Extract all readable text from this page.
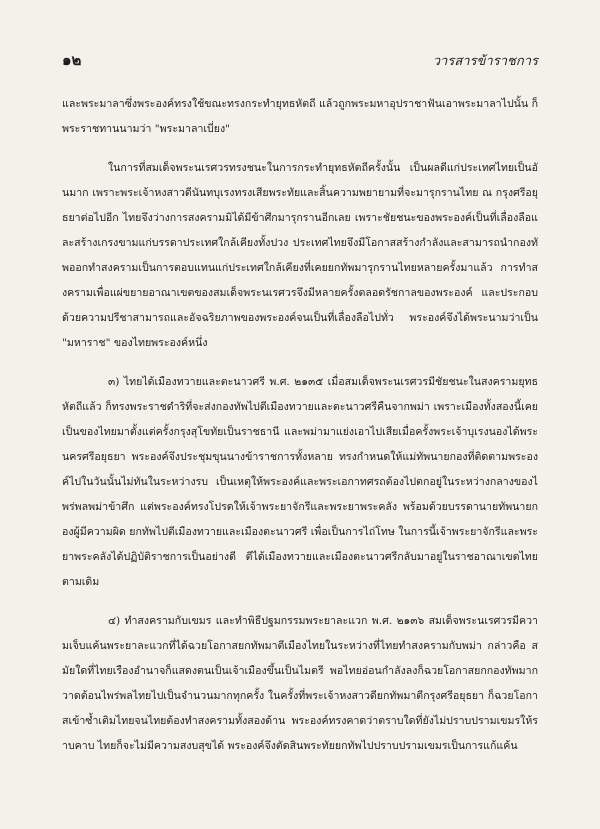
๑๒	วารสารข้าราชการ

และพระมาลาซึ่งพระองค์ทรงใช้ขณะทรงกระทำยุทธหัตถี แล้วถูกพระมหาอุปราชาฟันเอาพระมาลาไปนั้น ก็พระราชทานนามว่า "พระมาลาเบี่ยง"

ในการที่สมเด็จพระนเรศวรทรงชนะในการกระทำยุทธหัตถีครั้งนั้น เป็นผลดีแก่ประเทศไทยเป็นอันมาก เพราะพระเจ้าหงสาวดีนันทบุเรงทรงเสียพระทัยและสิ้นความพยายามที่จะมารุกรานไทย ณ กรุงศรีอยุธยาต่อไปอีก ไทยจึงว่างการสงครามมิได้มีข้าศึกมารุกรานอีกเลย เพราะชัยชนะของพระองค์เป็นที่เลื่องลือและสร้างเกรงขามแก่บรรดาประเทศใกล้เคียงทั้งปวง ประเทศไทยจึงมีโอกาสสร้างกำลังและสามารถนำกองทัพออกทำสงครามเป็นการตอบแทนแก่ประเทศใกล้เคียงที่เคยยกทัพมารุกรานไทยหลายครั้งมาแล้ว การทำสงครามเพื่อแผ่ขยายอาณาเขตของสมเด็จพระนเรศวรจึงมีหลายครั้งตลอดรัชกาลของพระองค์ และประกอบด้วยความปรีชาสามารถและอัจฉริยภาพของพระองค์จนเป็นที่เลื่องลือไปทั่ว พระองค์จึงได้พระนามว่าเป็น "มหาราช" ของไทยพระองค์หนึ่ง

๓) ไทยได้เมืองทวายและตะนาวศรี พ.ศ. ๒๑๓๕ เมื่อสมเด็จพระนเรศวรมีชัยชนะในสงครามยุทธหัตถีแล้ว ก็ทรงพระราชดำริที่จะส่งกองทัพไปตีเมืองทวายและตะนาวศรีคืนจากพม่า เพราะเมืองทั้งสองนี้เคยเป็นของไทยมาตั้งแต่ครั้งกรุงสุโขทัยเป็นราชธานี และพม่ามาแย่งเอาไปเสียเมื่อครั้งพระเจ้าบุเรงนองได้พระนครศรีอยุธยา พระองค์จึงประชุมขุนนางข้าราชการทั้งหลาย ทรงกำหนดให้แม่ทัพนายกองที่ติดตามพระองค์ไปในวันนั้นไม่ทันในระหว่างรบ เป็นเหตุให้พระองค์และพระเอกาทศรถต้องไปตกอยู่ในระหว่างกลางของไพร่พลพม่าข้าศึก แต่พระองค์ทรงโปรดให้เจ้าพระยาจักรีและพระยาพระคลัง พร้อมด้วยบรรดานายทัพนายกองผู้มีความผิด ยกทัพไปตีเมืองทวายและเมืองตะนาวศรี เพื่อเป็นการไถ่โทษ ในการนี้เจ้าพระยาจักรีและพระยาพระคลังได้ปฏิบัติราชการเป็นอย่างดี ตีได้เมืองทวายและเมืองตะนาวศรีกลับมาอยู่ในราชอาณาเขตไทยตามเดิม

๔) ทำสงครามกับเขมร และทำพิธีปฐมกรรมพระยาละแวก พ.ศ. ๒๑๓๖ สมเด็จพระนเรศวรมีความเจ็บแค้นพระยาละแวกที่ได้ฉวยโอกาสยกทัพมาตีเมืองไทยในระหว่างที่ไทยทำสงครามกับพม่า กล่าวคือ สมัยใดที่ไทยเรืองอำนาจก็แสดงตนเป็นเจ้าเมืองขึ้นเป็นไมตรี พอไทยอ่อนกำลังลงก็ฉวยโอกาสยกกองทัพมากวาดต้อนไพร่พลไทยไปเป็นจำนวนมากทุกครั้ง ในครั้งที่พระเจ้าหงสาวดียกทัพมาตีกรุงศรีอยุธยา ก็ฉวยโอกาสเข้าซ้ำเติมไทยจนไทยต้องทำสงครามทั้งสองด้าน พระองค์ทรงคาดว่าตราบใดที่ยังไม่ปราบปรามเขมรให้ราบคาบ ไทยก็จะไม่มีความสงบสุขได้ พระองค์จึงตัดสินพระทัยยกทัพไปปราบปรามเขมรเป็นการแก้แค้น
